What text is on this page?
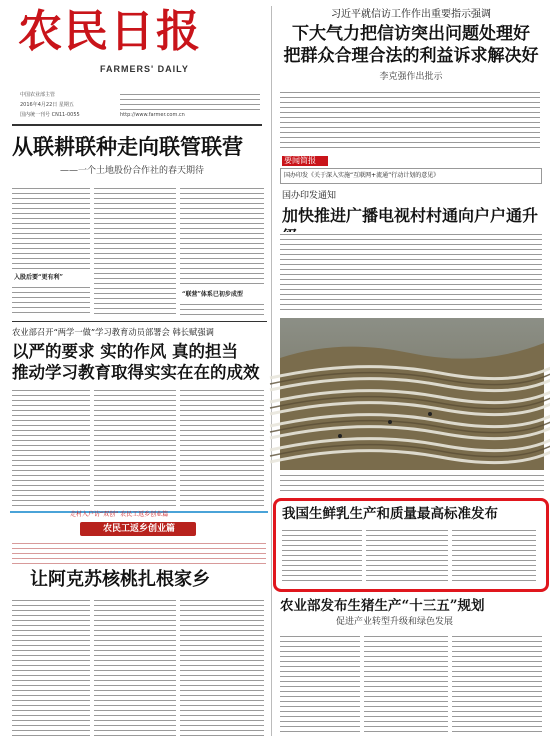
农民日报
FARMERS' DAILY
中国农业部主管
2016年4月22日 星期五
国内统一刊号 CN11-0055	http://www.farmer.com.cn
习近平就信访工作作出重要指示强调
下大气力把信访突出问题处理好
把群众合理合法的利益诉求解决好
李克强作出批示
要闻简报
国办印发《关于深入实施“互联网+流通”行动计划的意见》
国办印发通知
加快推进广播电视村村通向户户通升
从联耕联种走向联管联营
——一个土地股份合作社的春天期待
入股后要“更有利”
“联营”体系已初步成型
农业部召开“两学一做”学习教育动员部署会 韩长赋强调
以严的要求 实的作风 真的担当
推动学习教育取得实实在在的成效
我国生鲜乳生产和质量最高标准发布
走村入户访“双创” 农民工返乡创业篇
农民工返乡创业篇
让阿克苏核桃扎根家乡
农业部发布生猪生产“十三五”规划
促进产业转型升级和绿色发展
